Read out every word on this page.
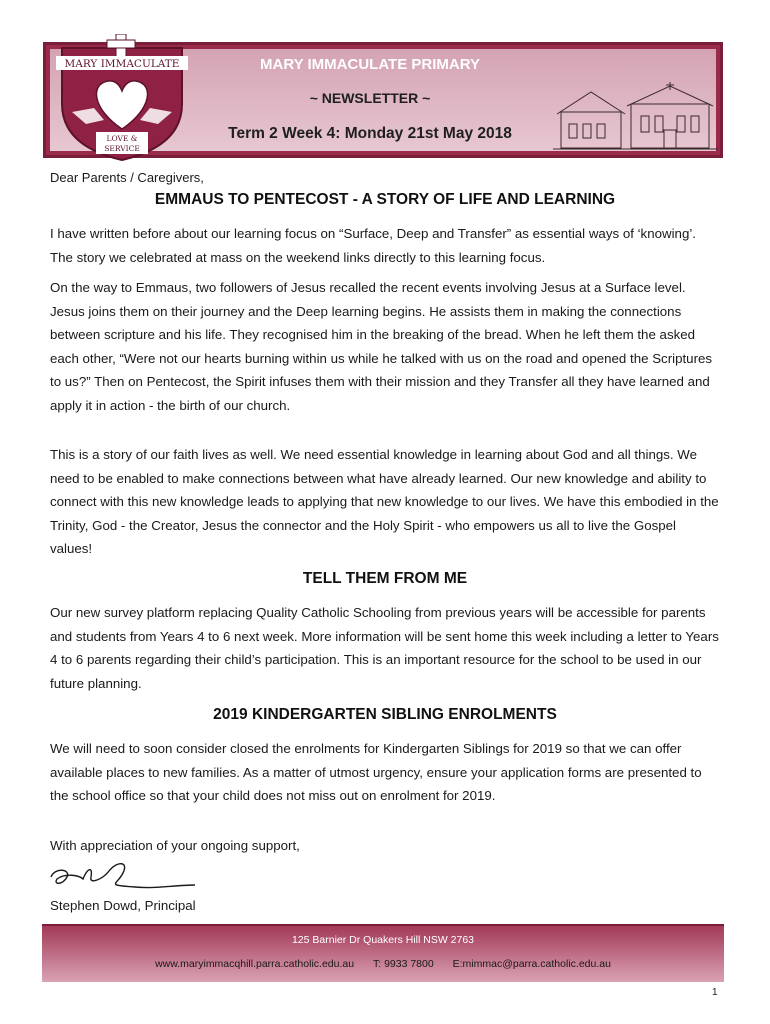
MARY IMMACULATE
LOVE &
SERVICE
MARY IMMACULATE PRIMARY
~ NEWSLETTER ~
Term 2 Week 4: Monday 21st May 2018
Dear Parents / Caregivers,
EMMAUS TO PENTECOST - A STORY OF LIFE AND LEARNING
I have written before about our learning focus on “Surface, Deep and Transfer” as essential ways of ‘knowing’. The story we celebrated at mass on the weekend links directly to this learning focus.
On the way to Emmaus, two followers of Jesus recalled the recent events involving Jesus at a Surface level. Jesus joins them on their journey and the Deep learning begins. He assists them in making the connections between scripture and his life. They recognised him in the breaking of the bread. When he left them the asked each other, “Were not our hearts burning within us while he talked with us on the road and opened the Scriptures to us?” Then on Pentecost, the Spirit infuses them with their mission and they Transfer all they have learned and apply it in action - the birth of our church.
This is a story of our faith lives as well. We need essential knowledge in learning about God and all things. We need to be enabled to make connections between what have already learned. Our new knowledge and ability to connect with this new knowledge leads to applying that new knowledge to our lives. We have this embodied in the Trinity, God - the Creator, Jesus the connector and the Holy Spirit - who empowers us all to live the Gospel values!
TELL THEM FROM ME
Our new survey platform replacing Quality Catholic Schooling from previous years will be accessible for parents and students from Years 4 to 6 next week. More information will be sent home this week including a letter to Years 4 to 6 parents regarding their child’s participation. This is an important resource for the school to be used in our future planning.
2019 KINDERGARTEN SIBLING ENROLMENTS
We will need to soon consider closed the enrolments for Kindergarten Siblings for 2019 so that we can offer available places to new families. As a matter of utmost urgency, ensure your application forms are presented to the school office so that your child does not miss out on enrolment for 2019.
With appreciation of your ongoing support,
Stephen Dowd, Principal
125 Barnier Dr Quakers Hill NSW 2763
www.maryimmacqhill.parra.catholic.edu.au T: 9933 7800 E:mimmac@parra.catholic.edu.au
1
